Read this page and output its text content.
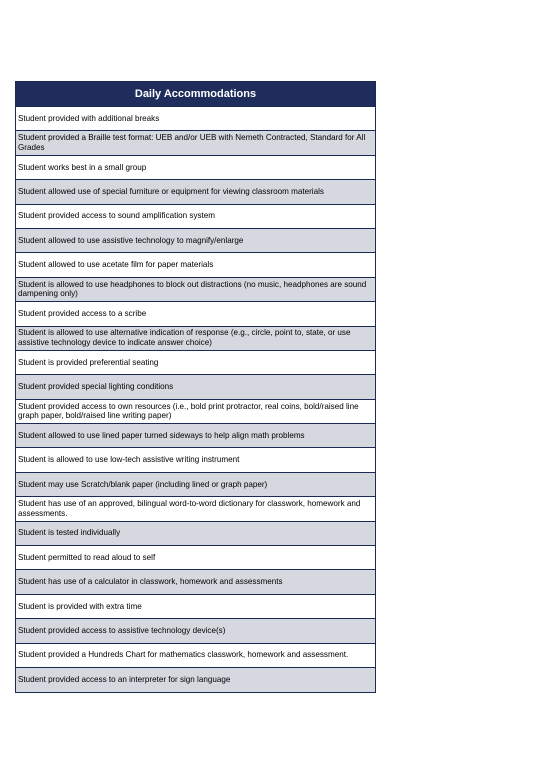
Daily Accommodations
Student provided with additional breaks
Student provided a Braille test format: UEB and/or UEB with Nemeth Contracted, Standard for All Grades
Student works best in a small group
Student allowed use of special furniture or equipment for viewing classroom materials
Student provided access to sound amplification system
Student allowed to use assistive technology to magnify/enlarge
Student allowed to use acetate film for paper materials
Student is allowed to use headphones to block out distractions (no music, headphones are sound dampening only)
Student provided access to a scribe
Student is allowed to use alternative indication of response (e.g., circle, point to, state, or use assistive technology device to indicate answer choice)
Student is provided preferential seating
Student provided special lighting conditions
Student provided access to own resources (i.e., bold print protractor, real coins, bold/raised line graph paper, bold/raised line writing paper)
Student allowed to use lined paper turned sideways to help align math problems
Student is allowed to use low-tech assistive writing instrument
Student may use Scratch/blank paper (including lined or graph paper)
Student has use of an approved, bilingual word-to-word dictionary for classwork, homework and assessments.
Student is tested individually
Student permitted to read aloud to self
Student has use of a calculator in classwork, homework and assessments
Student is provided with extra time
Student provided access to assistive technology device(s)
Student provided a Hundreds Chart for mathematics classwork, homework and assessment.
Student provided access to an interpreter for sign language
